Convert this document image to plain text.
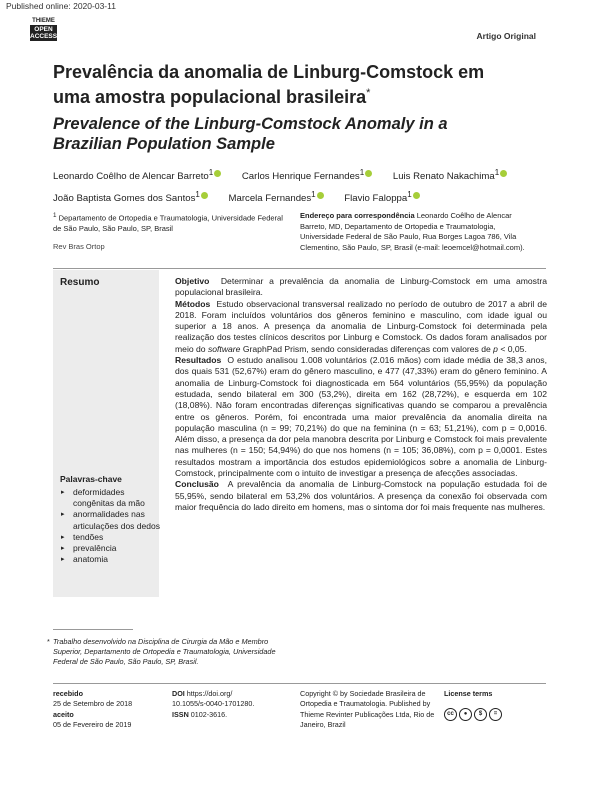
Published online: 2020-03-11
THIEME
OPEN
ACCESS	Artigo Original
Prevalência da anomalia de Linburg-Comstock em uma amostra populacional brasileira*
Prevalence of the Linburg-Comstock Anomaly in a Brazilian Population Sample
Leonardo Coêlho de Alencar Barreto$^1$	Carlos Henrique Fernandes$^1$	Luis Renato Nakachima$^1$
João Baptista Gomes dos Santos$^1$	Marcela Fernandes$^1$	Flavio Faloppa$^1$
$^1$ Departamento de Ortopedia e Traumatologia, Universidade Federal de São Paulo, São Paulo, SP, Brasil
Rev Bras Ortop
Endereço para correspondência Leonardo Coêlho de Alencar Barreto, MD, Departamento de Ortopedia e Traumatologia, Universidade Federal de São Paulo, Rua Borges Lagoa 786, Vila Clementino, São Paulo, SP, Brasil (e-mail: leoemcel@hotmail.com).
Resumo	Objetivo Determinar a prevalência da anomalia de Linburg-Comstock em uma amostra populacional brasileira.

Métodos Estudo observacional transversal realizado no período de outubro de 2017 a abril de 2018. Foram incluídos voluntários dos gêneros feminino e masculino, com idade igual ou superior a 18 anos. A presença da anomalia de Linburg-Comstock foi determinada pela realização dos testes clínicos descritos por Linburg e Comstock. Os dados foram analisados por meio do software GraphPad Prism, sendo consideradas diferenças com valores de p < 0,05.

Resultados O estudo analisou 1.008 voluntários (2.016 mãos) com idade média de 38,3 anos, dos quais 531 (52,67%) eram do gênero masculino, e 477 (47,33%) eram do gênero feminino. A anomalia de Linburg-Comstock foi diagnosticada em 564 voluntários (55,95%) da população estudada, sendo bilateral em 300 (53,2%), direita em 162 (28,72%), e esquerda em 102 (18,08%). Não foram encontradas diferenças significativas quando se comparou a prevalência entre os gêneros. Porém, foi encontrada uma maior prevalência da anomalia direita na população masculina (n = 99; 70,21%) do que na feminina (n = 63; 51,21%), com p = 0,0016. Além disso, a presença da dor pela manobra descrita por Linburg e Comstock foi mais prevalente nas mulheres (n = 150; 54,94%) do que nos homens (n = 105; 36,08%), com p = 0,0001. Estes resultados mostram a importância dos estudos epidemiológicos sobre a anomalia de Linburg-Comstock, principalmente com o intuito de investigar a presença de afecções associadas.

Conclusão A prevalência da anomalia de Linburg-Comstock na população estudada foi de 55,95%, sendo bilateral em 53,2% dos voluntários. A presença da conexão foi observada com maior frequência do lado direito em homens, mas o sintoma dor foi mais frequente nas mulheres.

Palavras-chave
▸ deformidades congênitas da mão
▸ anormalidades nas articulações dos dedos
▸ tendões
▸ prevalência
▸ anatomia
* Trabalho desenvolvido na Disciplina de Cirurgia da Mão e Membro Superior, Departamento de Ortopedia e Traumatologia, Universidade Federal de São Paulo, São Paulo, SP, Brasil.
recebido
25 de Setembro de 2018
aceito
05 de Fevereiro de 2019
DOI https://doi.org/
10.1055/s-0040-1701280.
ISSN 0102-3616.
Copyright © by Sociedade Brasileira de Ortopedia e Traumatologia. Published by Thieme Revinter Publicações Ltda, Rio de Janeiro, Brazil
License terms
cc ● $ =
